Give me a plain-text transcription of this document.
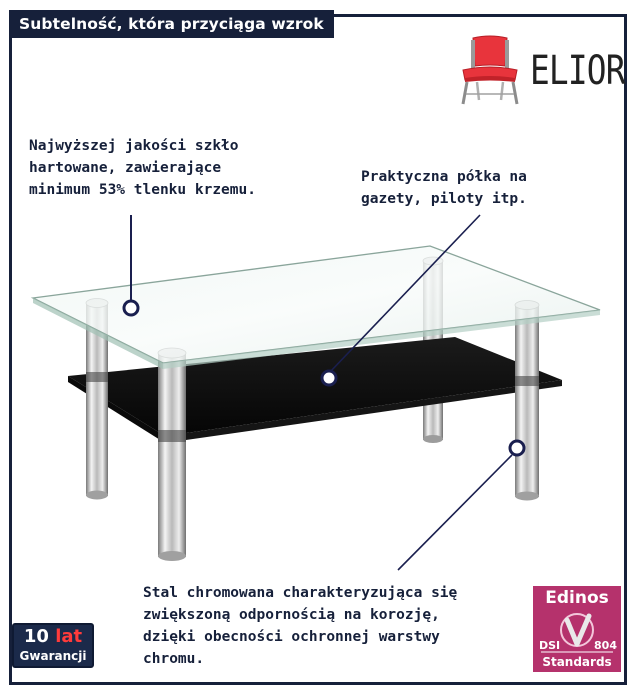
Subtelność, która przyciąga wzrok
ELIOR
Najwyższej jakości szkło
hartowane, zawierające
minimum 53% tlenku krzemu.
Praktyczna półka na
gazety, piloty itp.
Stal chromowana charakteryzująca się
zwiększoną odpornością na korozję,
dzięki obecności ochronnej warstwy
chromu.
10 lat
Gwarancji
Edinos
DSI	804
Standards
